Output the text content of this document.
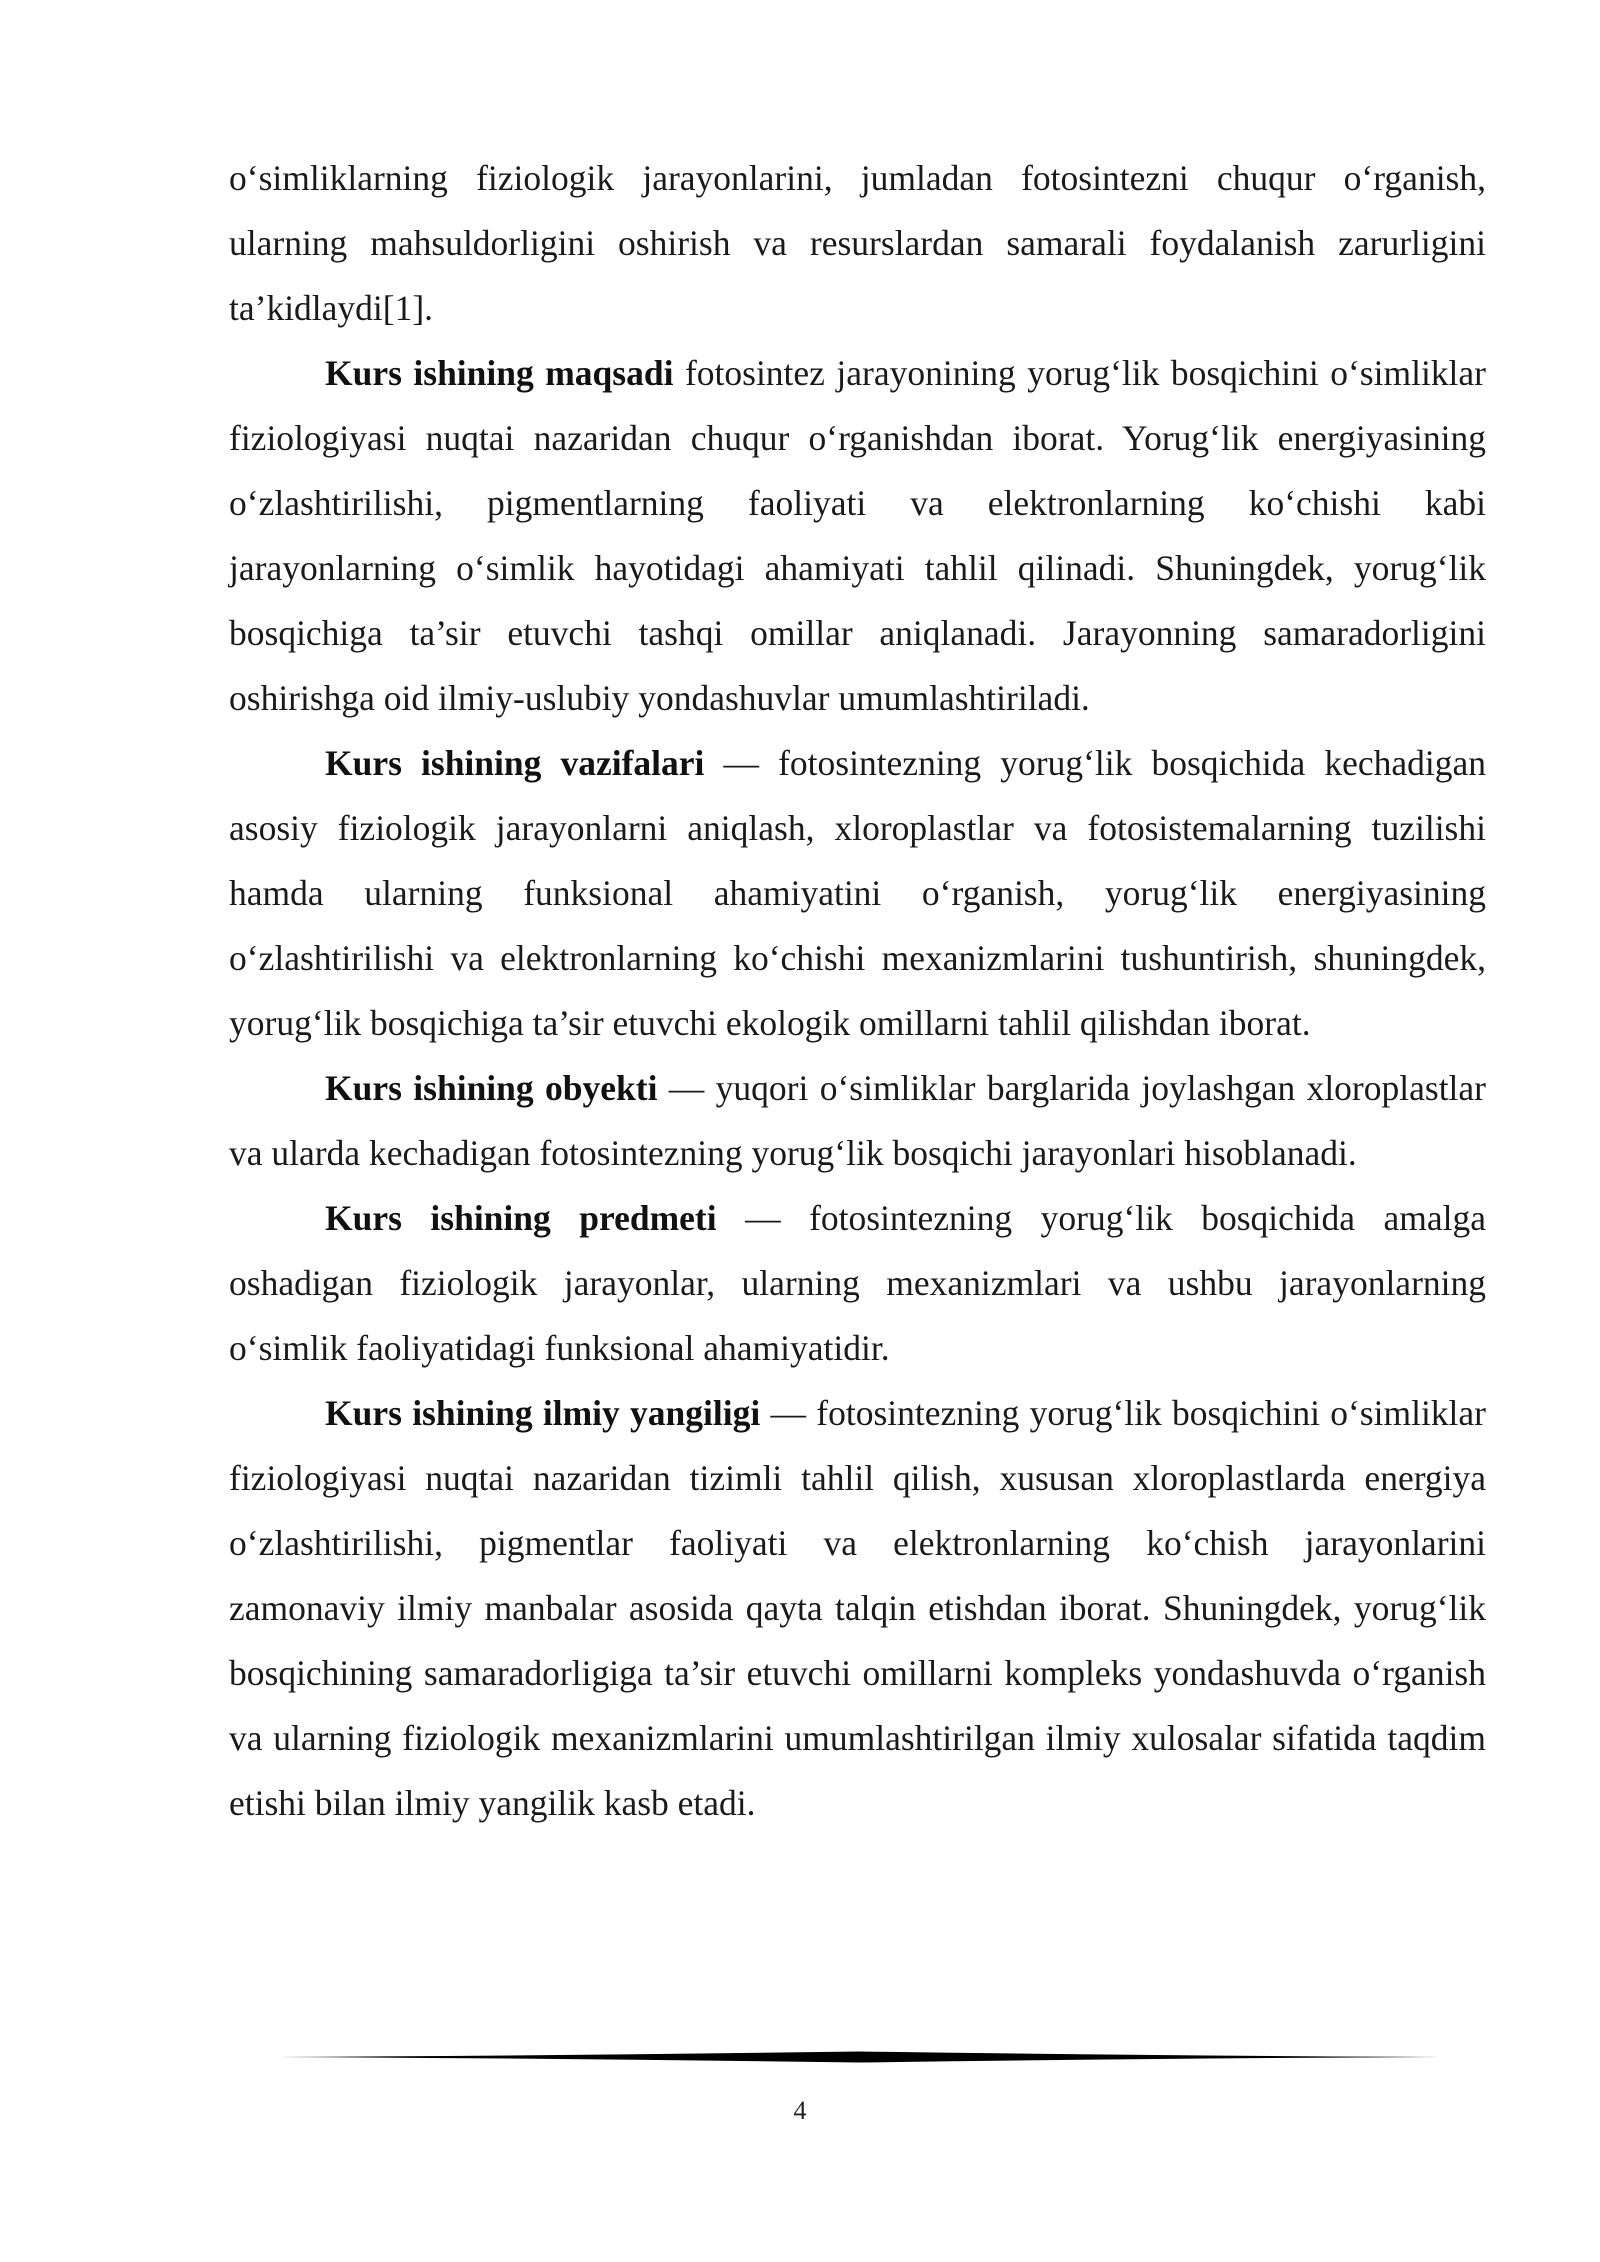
o‘simliklarning fiziologik jarayonlarini, jumladan fotosintezni chuqur o‘rganish, ularning mahsuldorligini oshirish va resurslardan samarali foydalanish zarurligini ta’kidlaydi[1].

Kurs ishining maqsadi fotosintez jarayonining yorug‘lik bosqichini o‘simliklar fiziologiyasi nuqtai nazaridan chuqur o‘rganishdan iborat. Yorug‘lik energiyasining o‘zlashtirilishi, pigmentlarning faoliyati va elektronlarning ko‘chishi kabi jarayonlarning o‘simlik hayotidagi ahamiyati tahlil qilinadi. Shuningdek, yorug‘lik bosqichiga ta’sir etuvchi tashqi omillar aniqlanadi. Jarayonning samaradorligini oshirishga oid ilmiy-uslubiy yondashuvlar umumlashtiriladi.

Kurs ishining vazifalari — fotosintezning yorug‘lik bosqichida kechadigan asosiy fiziologik jarayonlarni aniqlash, xloroplastlar va fotosistemalarning tuzilishi hamda ularning funksional ahamiyatini o‘rganish, yorug‘lik energiyasining o‘zlashtirilishi va elektronlarning ko‘chishi mexanizmlarini tushuntirish, shuningdek, yorug‘lik bosqichiga ta’sir etuvchi ekologik omillarni tahlil qilishdan iborat.

Kurs ishining obyekti — yuqori o‘simliklar barglarida joylashgan xloroplastlar va ularda kechadigan fotosintezning yorug‘lik bosqichi jarayonlari hisoblanadi.

Kurs ishining predmeti — fotosintezning yorug‘lik bosqichida amalga oshadigan fiziologik jarayonlar, ularning mexanizmlari va ushbu jarayonlarning o‘simlik faoliyatidagi funksional ahamiyatidir.

Kurs ishining ilmiy yangiligi — fotosintezning yorug‘lik bosqichini o‘simliklar fiziologiyasi nuqtai nazaridan tizimli tahlil qilish, xususan xloroplastlarda energiya o‘zlashtirilishi, pigmentlar faoliyati va elektronlarning ko‘chish jarayonlarini zamonaviy ilmiy manbalar asosida qayta talqin etishdan iborat. Shuningdek, yorug‘lik bosqichining samaradorligiga ta’sir etuvchi omillarni kompleks yondashuvda o‘rganish va ularning fiziologik mexanizmlarini umumlashtirilgan ilmiy xulosalar sifatida taqdim etishi bilan ilmiy yangilik kasb etadi.

4
